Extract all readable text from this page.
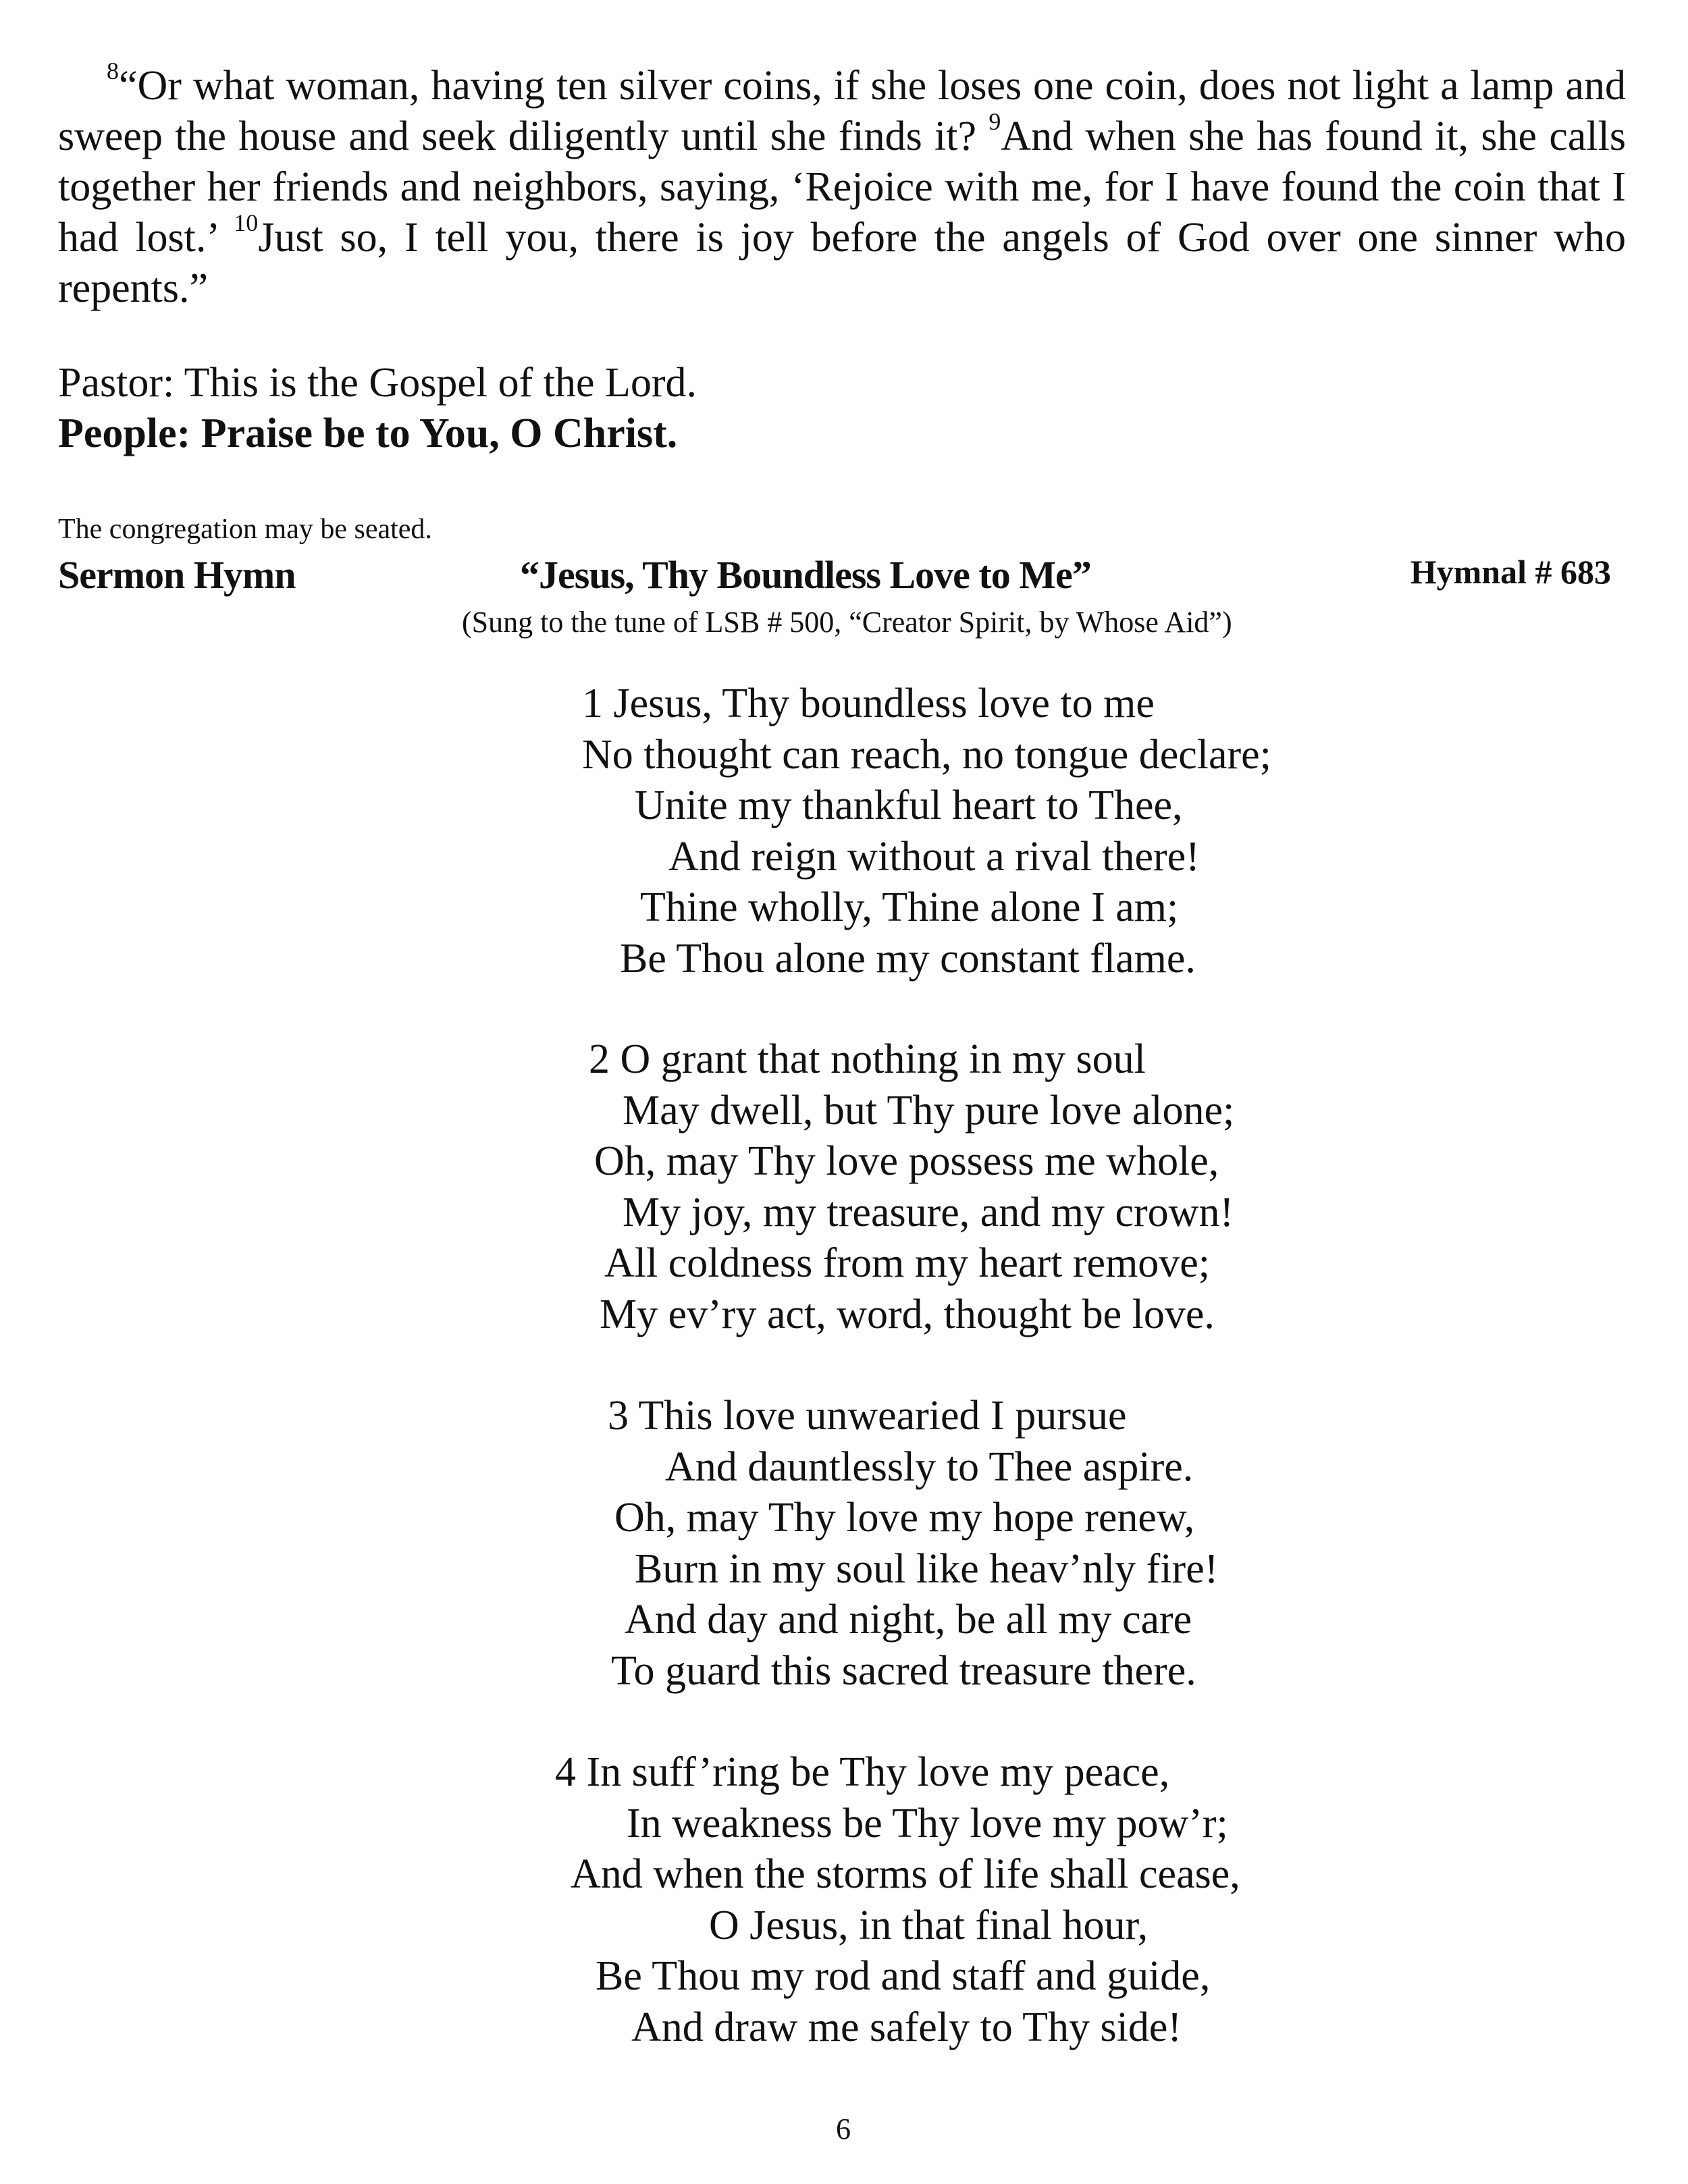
$^8$“Or what woman, having ten silver coins, if she loses one coin, does not light a lamp and sweep the house and seek diligently until she finds it? $^9$And when she has found it, she calls together her friends and neighbors, saying, ‘Rejoice with me, for I have found the coin that I had lost.’ $^{10}$Just so, I tell you, there is joy before the angels of God over one sinner who repents.”

Pastor: This is the Gospel of the Lord.

People: Praise be to You, O Christ.

The congregation may be seated.

Sermon Hymn	“Jesus, Thy Boundless Love to Me”	Hymnal # 683

(Sung to the tune of LSB # 500, “Creator Spirit, by Whose Aid”)

1 Jesus, Thy boundless love to me
No thought can reach, no tongue declare;
Unite my thankful heart to Thee,
And reign without a rival there!
Thine wholly, Thine alone I am;
Be Thou alone my constant flame.
2 O grant that nothing in my soul
May dwell, but Thy pure love alone;
Oh, may Thy love possess me whole,
My joy, my treasure, and my crown!
All coldness from my heart remove;
My ev’ry act, word, thought be love.
3 This love unwearied I pursue
And dauntlessly to Thee aspire.
Oh, may Thy love my hope renew,
Burn in my soul like heav’nly fire!
And day and night, be all my care
To guard this sacred treasure there.
4 In suff’ring be Thy love my peace,
In weakness be Thy love my pow’r;
And when the storms of life shall cease,
O Jesus, in that final hour,
Be Thou my rod and staff and guide,
And draw me safely to Thy side!

6
